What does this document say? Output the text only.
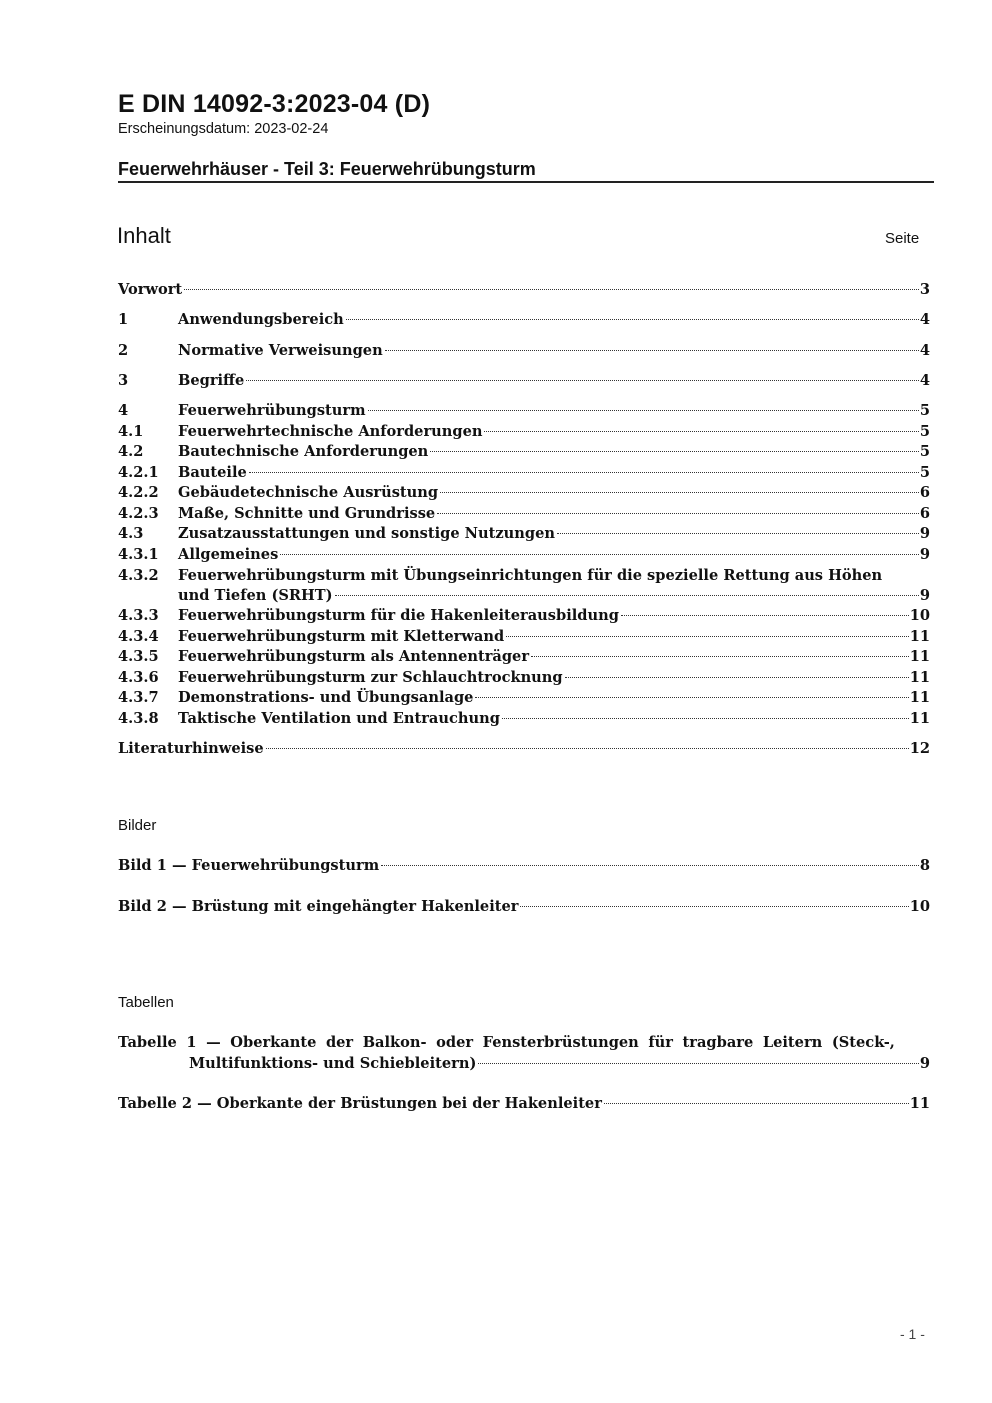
E DIN 14092-3:2023-04 (D)
Erscheinungsdatum: 2023-02-24
Feuerwehrhäuser - Teil 3: Feuerwehrübungsturm
Inhalt	Seite
Vorwort	3
1	Anwendungsbereich	4
2	Normative Verweisungen	4
3	Begriffe	4
4	Feuerwehrübungsturm	5
4.1	Feuerwehrtechnische Anforderungen	5
4.2	Bautechnische Anforderungen	5
4.2.1	Bauteile	5
4.2.2	Gebäudetechnische Ausrüstung	6
4.2.3	Maße, Schnitte und Grundrisse	6
4.3	Zusatzausstattungen und sonstige Nutzungen	9
4.3.1	Allgemeines	9
4.3.2	Feuerwehrübungsturm mit Übungseinrichtungen für die spezielle Rettung aus Höhen
und Tiefen (SRHT)	9
4.3.3	Feuerwehrübungsturm für die Hakenleiterausbildung	10
4.3.4	Feuerwehrübungsturm mit Kletterwand	11
4.3.5	Feuerwehrübungsturm als Antennenträger	11
4.3.6	Feuerwehrübungsturm zur Schlauchtrocknung	11
4.3.7	Demonstrations- und Übungsanlage	11
4.3.8	Taktische Ventilation und Entrauchung	11
Literaturhinweise	12
Bilder
Bild 1 — Feuerwehrübungsturm	8
Bild 2 — Brüstung mit eingehängter Hakenleiter	10
Tabellen
Tabelle 1 — Oberkante der Balkon- oder Fensterbrüstungen für tragbare Leitern (Steck-,
Multifunktions- und Schiebleitern)	9
Tabelle 2 — Oberkante der Brüstungen bei der Hakenleiter	11
- 1 -
